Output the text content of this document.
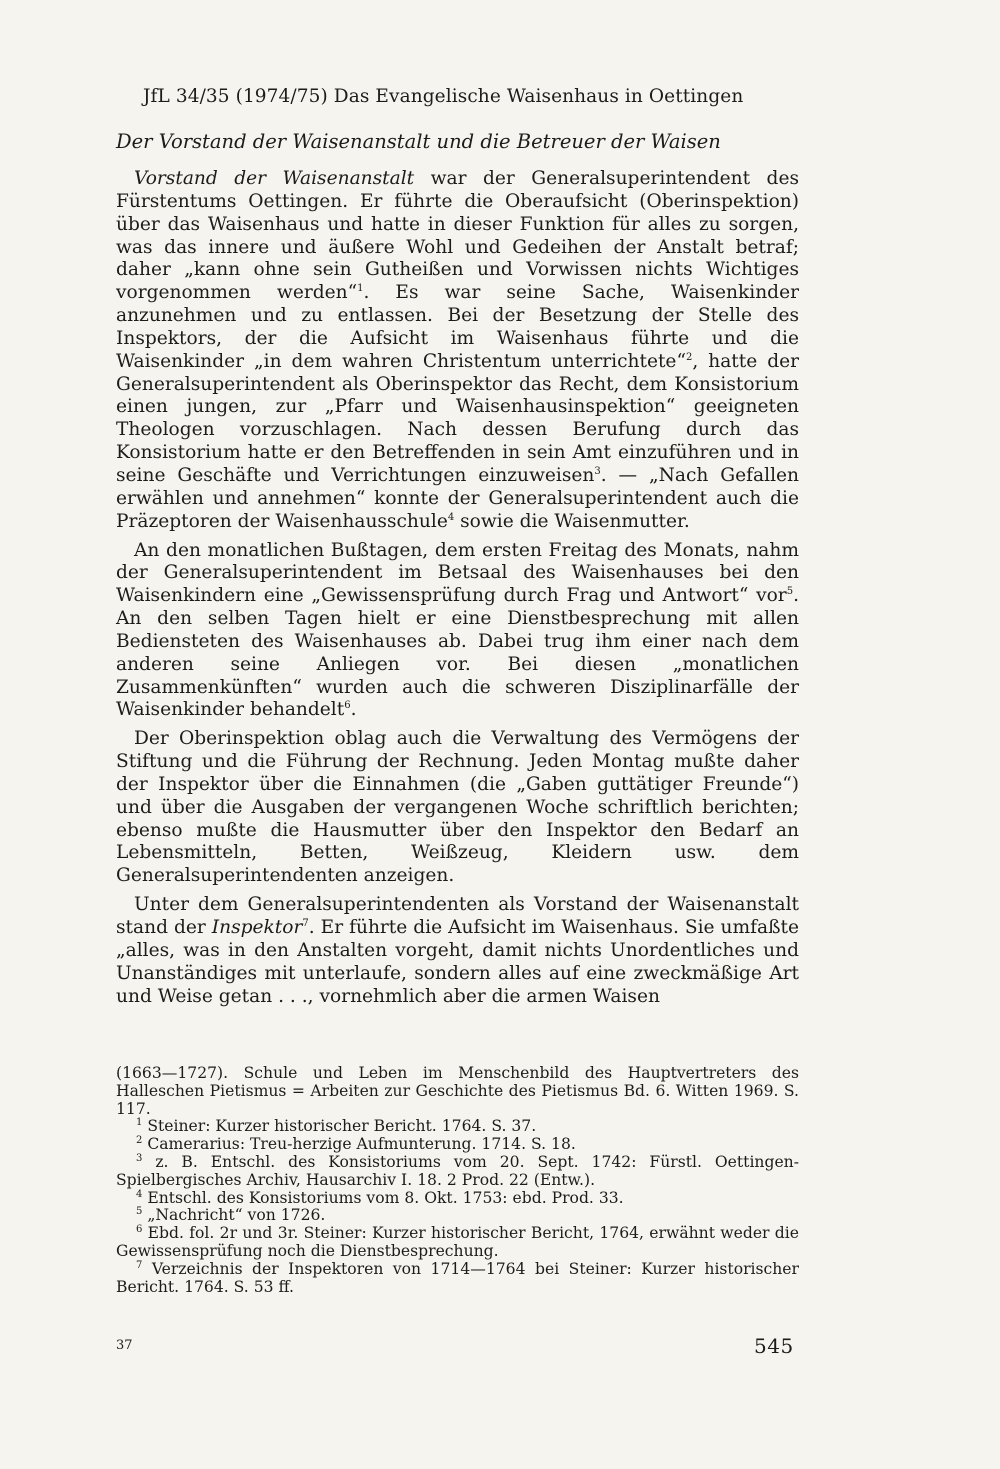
JfL 34/35 (1974/75) Das Evangelische Waisenhaus in Oettingen
Der Vorstand der Waisenanstalt und die Betreuer der Waisen

Vorstand der Waisenanstalt war der Generalsuperintendent des Fürstentums Oettingen. Er führte die Oberaufsicht (Oberinspektion) über das Waisenhaus und hatte in dieser Funktion für alles zu sorgen, was das innere und äußere Wohl und Gedeihen der Anstalt betraf; daher „kann ohne sein Gutheißen und Vorwissen nichts Wichtiges vorgenommen werden“$^1$. Es war seine Sache, Waisenkinder anzunehmen und zu entlassen. Bei der Besetzung der Stelle des Inspektors, der die Aufsicht im Waisenhaus führte und die Waisenkinder „in dem wahren Christentum unterrichtete“$^2$, hatte der Generalsuperintendent als Oberinspektor das Recht, dem Konsistorium einen jungen, zur „Pfarr und Waisenhausinspektion“ geeigneten Theologen vorzuschlagen. Nach dessen Berufung durch das Konsistorium hatte er den Betreffenden in sein Amt einzuführen und in seine Geschäfte und Verrichtungen einzuweisen$^3$. — „Nach Gefallen erwählen und annehmen“ konnte der Generalsuperintendent auch die Präzeptoren der Waisenhausschule$^4$ sowie die Waisenmutter.

An den monatlichen Bußtagen, dem ersten Freitag des Monats, nahm der Generalsuperintendent im Betsaal des Waisenhauses bei den Waisenkindern eine „Gewissensprüfung durch Frag und Antwort“ vor$^5$. An den selben Tagen hielt er eine Dienstbesprechung mit allen Bediensteten des Waisenhauses ab. Dabei trug ihm einer nach dem anderen seine Anliegen vor. Bei diesen „monatlichen Zusammenkünften“ wurden auch die schweren Disziplinarfälle der Waisenkinder behandelt$^6$.

Der Oberinspektion oblag auch die Verwaltung des Vermögens der Stiftung und die Führung der Rechnung. Jeden Montag mußte daher der Inspektor über die Einnahmen (die „Gaben guttätiger Freunde“) und über die Ausgaben der vergangenen Woche schriftlich berichten; ebenso mußte die Hausmutter über den Inspektor den Bedarf an Lebensmitteln, Betten, Weißzeug, Kleidern usw. dem Generalsuperintendenten anzeigen.

Unter dem Generalsuperintendenten als Vorstand der Waisenanstalt stand der Inspektor$^7$. Er führte die Aufsicht im Waisenhaus. Sie umfaßte „alles, was in den Anstalten vorgeht, damit nichts Unordentliches und Unanständiges mit unterlaufe, sondern alles auf eine zweckmäßige Art und Weise getan . . ., vornehmlich aber die armen Waisen

(1663—1727). Schule und Leben im Menschenbild des Hauptvertreters des Halleschen Pietismus = Arbeiten zur Geschichte des Pietismus Bd. 6. Witten 1969. S. 117.

$^1$ Steiner: Kurzer historischer Bericht. 1764. S. 37.

$^2$ Camerarius: Treu-herzige Aufmunterung. 1714. S. 18.

$^3$ z. B. Entschl. des Konsistoriums vom 20. Sept. 1742: Fürstl. Oettingen-Spielbergisches Archiv, Hausarchiv I. 18. 2 Prod. 22 (Entw.).

$^4$ Entschl. des Konsistoriums vom 8. Okt. 1753: ebd. Prod. 33.

$^5$ „Nachricht“ von 1726.

$^6$ Ebd. fol. 2r und 3r. Steiner: Kurzer historischer Bericht, 1764, erwähnt weder die Gewissensprüfung noch die Dienstbesprechung.

$^7$ Verzeichnis der Inspektoren von 1714—1764 bei Steiner: Kurzer historischer Bericht. 1764. S. 53 ff.

37	545
